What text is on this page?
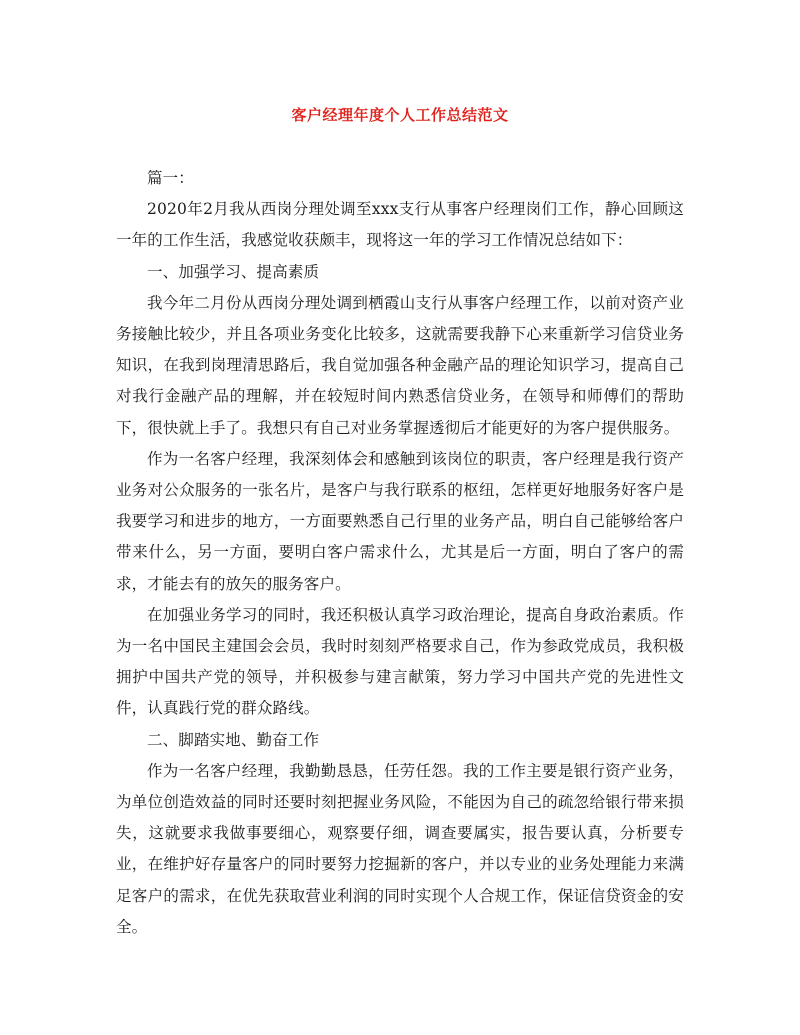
客户经理年度个人工作总结范文

篇一：

2020年2月我从西岗分理处调至xxx支行从事客户经理岗们工作，静心回顾这一年的工作生活，我感觉收获颇丰，现将这一年的学习工作情况总结如下：

一、加强学习、提高素质

我今年二月份从西岗分理处调到栖霞山支行从事客户经理工作，以前对资产业务接触比较少，并且各项业务变化比较多，这就需要我静下心来重新学习信贷业务知识，在我到岗理清思路后，我自觉加强各种金融产品的理论知识学习，提高自己对我行金融产品的理解，并在较短时间内熟悉信贷业务，在领导和师傅们的帮助下，很快就上手了。我想只有自己对业务掌握透彻后才能更好的为客户提供服务。

作为一名客户经理，我深刻体会和感触到该岗位的职责，客户经理是我行资产业务对公众服务的一张名片，是客户与我行联系的枢纽，怎样更好地服务好客户是我要学习和进步的地方，一方面要熟悉自己行里的业务产品，明白自己能够给客户带来什么，另一方面，要明白客户需求什么，尤其是后一方面，明白了客户的需求，才能去有的放矢的服务客户。

在加强业务学习的同时，我还积极认真学习政治理论，提高自身政治素质。作为一名中国民主建国会会员，我时时刻刻严格要求自己，作为参政党成员，我积极拥护中国共产党的领导，并积极参与建言献策，努力学习中国共产党的先进性文件，认真践行党的群众路线。

二、脚踏实地、勤奋工作

作为一名客户经理，我勤勤恳恳，任劳任怨。我的工作主要是银行资产业务，为单位创造效益的同时还要时刻把握业务风险，不能因为自己的疏忽给银行带来损失，这就要求我做事要细心，观察要仔细，调查要属实，报告要认真，分析要专业，在维护好存量客户的同时要努力挖掘新的客户，并以专业的业务处理能力来满足客户的需求，在优先获取营业利润的同时实现个人合规工作，保证信贷资金的安全。
